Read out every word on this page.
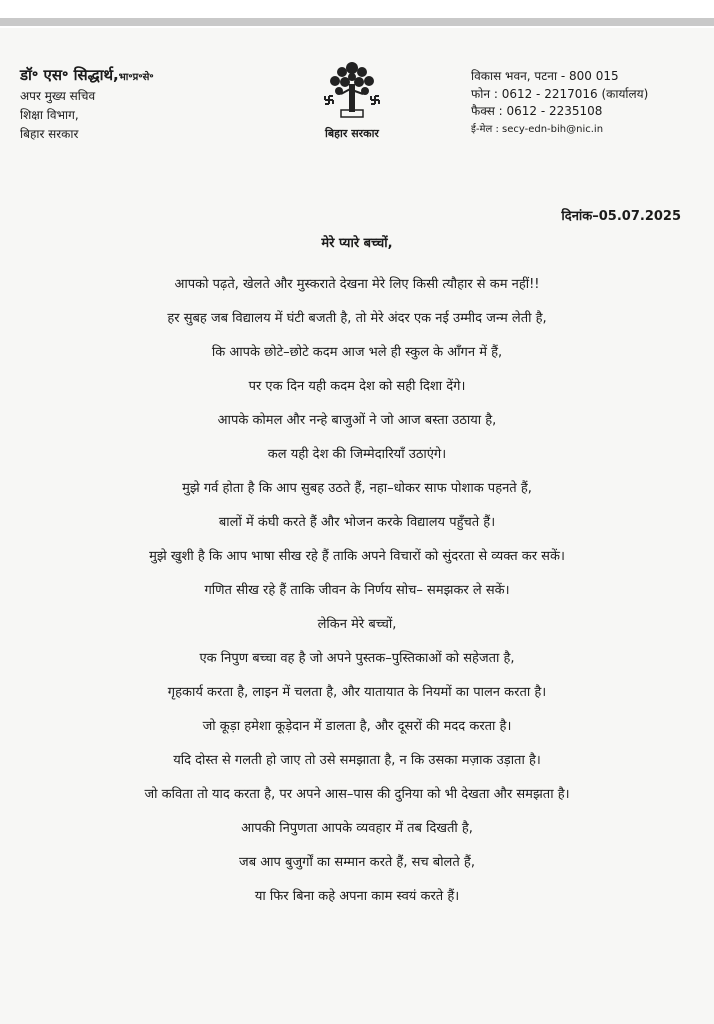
डॉ॰ एस॰ सिद्धार्थ,भा॰प्र॰से॰
अपर मुख्य सचिव
शिक्षा विभाग,
बिहार सरकार	बिहार सरकार
विकास भवन, पटना - 800 015
फोन : 0612 - 2217016 (कार्यालय)
फैक्स : 0612 - 2235108
ई-मेल : secy-edn-bih@nic.in
दिनांक–05.07.2025
मेरे प्यारे बच्चों,
आपको पढ़ते, खेलते और मुस्कराते देखना मेरे लिए किसी त्यौहार से कम नहीं!!
हर सुबह जब विद्यालय में घंटी बजती है, तो मेरे अंदर एक नई उम्मीद जन्म लेती है,
कि आपके छोटे–छोटे कदम आज भले ही स्कुल के आँगन में हैं,
पर एक दिन यही कदम देश को सही दिशा देंगे।
आपके कोमल और नन्हे बाजुओं ने जो आज बस्ता उठाया है,
कल यही देश की जिम्मेदारियाँ उठाएंगे।
मुझे गर्व होता है कि आप सुबह उठते हैं, नहा–धोकर साफ पोशाक पहनते हैं,
बालों में कंघी करते हैं और भोजन करके विद्यालय पहुँचते हैं।
मुझे खुशी है कि आप भाषा सीख रहे हैं ताकि अपने विचारों को सुंदरता से व्यक्त कर सकें।
गणित सीख रहे हैं ताकि जीवन के निर्णय सोच– समझकर ले सकें।
लेकिन मेरे बच्चों,
एक निपुण बच्चा वह है जो अपने पुस्तक–पुस्तिकाओं को सहेजता है,
गृहकार्य करता है, लाइन में चलता है, और यातायात के नियमों का पालन करता है।
जो कूड़ा हमेशा कूड़ेदान में डालता है, और दूसरों की मदद करता है।
यदि दोस्त से गलती हो जाए तो उसे समझाता है, न कि उसका मज़ाक उड़ाता है।
जो कविता तो याद करता है, पर अपने आस–पास की दुनिया को भी देखता और समझता है।
आपकी निपुणता आपके व्यवहार में तब दिखती है,
जब आप बुजुर्गों का सम्मान करते हैं, सच बोलते हैं,
या फिर बिना कहे अपना काम स्वयं करते हैं।
